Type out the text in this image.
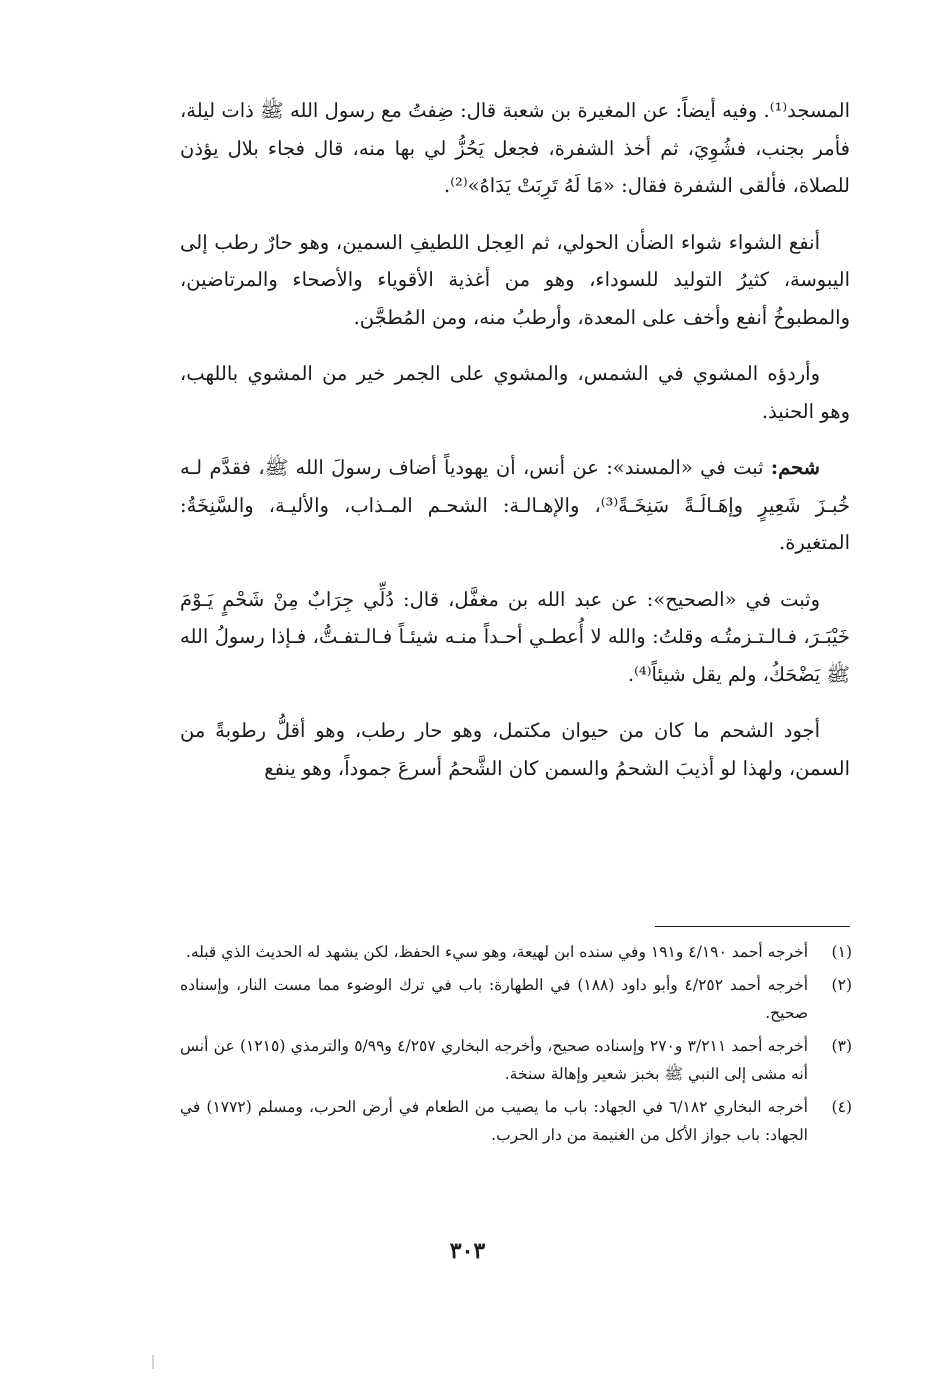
المسجد⁽¹⁾. وفيه أيضاً: عن المغيرة بن شعبة قال: ضِفتُ مع رسول الله ﷺ ذات ليلة، فأمر بجنب، فشُوِيَ، ثم أخذ الشفرة، فجعل يَحُزُّ لي بها منه، قال فجاء بلال يؤذن للصلاة، فألقى الشفرة فقال: «مَا لَهُ تَرِبَتْ يَدَاهُ»⁽²⁾.

أنفع الشواء شواء الضأن الحولي، ثم العِجل اللطيفِ السمين، وهو حارٌ رطب إلى اليبوسة، كثيرُ التوليد للسوداء، وهو من أغذية الأقوياء والأصحاء والمرتاضين، والمطبوخُ أنفع وأخف على المعدة، وأرطبُ منه، ومن المُطجَّن.

وأردؤه المشوي في الشمس، والمشوي على الجمر خير من المشوي باللهب، وهو الحنيذ.

شحم: ثبت في «المسند»: عن أنس، أن يهودياً أضاف رسولَ الله ﷺ، فقدَّم لـه خُبـزَ شَعِيرٍ وإهَـالَـةً سَنِخَـةً⁽³⁾، والإهـالـة: الشحـم المـذاب، والأليـة، والسَّنِخَةُ: المتغيرة.

وثبت في «الصحيح»: عن عبد الله بن مغفَّل، قال: دُلِّي جِرَابٌ مِنْ شَحْمٍ يَـوْمَ خَيْبَـرَ، فـالـتـزمتُـه وقلتُ: والله لا أُعطـي أحـداً منـه شيئـاً فـالـتفـتُّ، فـإذا رسولُ الله ﷺ يَضْحَكُ، ولم يقل شيئاً⁽⁴⁾.

أجود الشحم ما كان من حيوان مكتمل، وهو حار رطب، وهو أقلُّ رطوبةً من السمن، ولهذا لو أذيبَ الشحمُ والسمن كان الشَّحمُ أسرعَ جموداً، وهو ينفع

(١)
أخرجه أحمد ٤/١٩٠ و١٩١ وفي سنده ابن لهيعة، وهو سيء الحفظ، لكن يشهد له الحديث الذي قبله.
(٢)
أخرجه أحمد ٤/٢٥٢ وأبو داود (١٨٨) في الطهارة: باب في ترك الوضوء مما مست النار، وإسناده صحيح.
(٣)
أخرجه أحمد ٣/٢١١ و٢٧٠ وإسناده صحيح، وأخرجه البخاري ٤/٢٥٧ و٥/٩٩ والترمذي (١٢١٥) عن أنس أنه مشى إلى النبي ﷺ بخبز شعير وإهالة سنخة.
(٤)
أخرجه البخاري ٦/١٨٢ في الجهاد: باب ما يصيب من الطعام في أرض الحرب، ومسلم (١٧٧٢) في الجهاد: باب جواز الأكل من الغنيمة من دار الحرب.
٣٠٣
